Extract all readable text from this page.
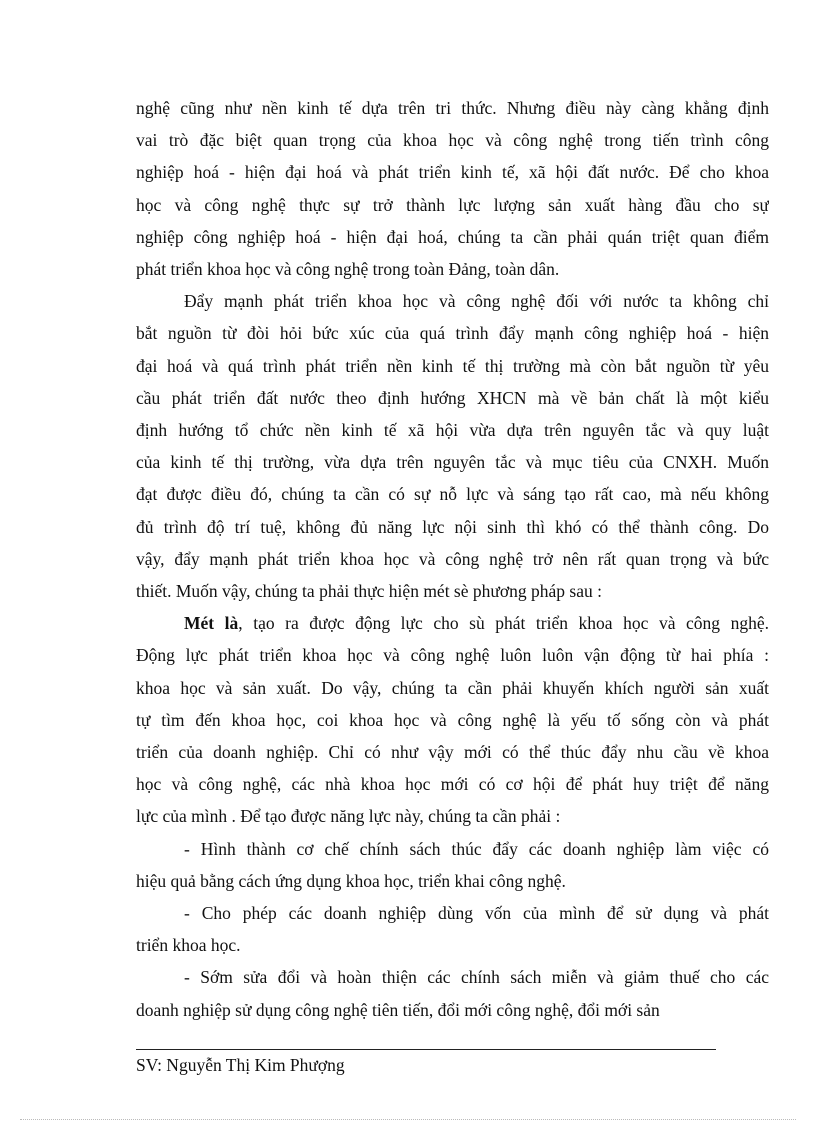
nghệ cũng như nền kinh tế dựa trên tri thức. Nhưng điều này càng khẳng định
vai trò đặc biệt quan trọng của khoa học và công nghệ trong tiến trình công
nghiệp hoá - hiện đại hoá và phát triển kinh tế, xã hội đất nước. Để cho khoa
học và công nghệ thực sự trở thành lực lượng sản xuất hàng đầu cho sự
nghiệp công nghiệp hoá - hiện đại hoá, chúng ta cần phải quán triệt quan điểm
phát triển khoa học và công nghệ trong toàn Đảng, toàn dân.
Đẩy mạnh phát triển khoa học và công nghệ đối với nước ta không chỉ
bắt nguồn từ đòi hỏi bức xúc của quá trình đẩy mạnh công nghiệp hoá - hiện
đại hoá và quá trình phát triển nền kinh tế thị trường mà còn bắt nguồn từ yêu
cầu phát triển đất nước theo định hướng XHCN mà về bản chất là một kiểu
định hướng tổ chức nền kinh tế xã hội vừa dựa trên nguyên tắc và quy luật
của kinh tế thị trường, vừa dựa trên nguyên tắc và mục tiêu của CNXH. Muốn
đạt được điều đó, chúng ta cần có sự nỗ lực và sáng tạo rất cao, mà nếu không
đủ trình độ trí tuệ, không đủ năng lực nội sinh thì khó có thể thành công. Do
vậy, đẩy mạnh phát triển khoa học và công nghệ trở nên rất quan trọng và bức
thiết. Muốn vậy, chúng ta phải thực hiện mét sè phương pháp sau :
Mét là, tạo ra được động lực cho sù phát triển khoa học và công nghệ.
Động lực phát triển khoa học và công nghệ luôn luôn vận động từ hai phía :
khoa học và sản xuất. Do vậy, chúng ta cần phải khuyến khích người sản xuất
tự tìm đến khoa học, coi khoa học và công nghệ là yếu tố sống còn và phát
triển của doanh nghiệp. Chỉ có như vậy mới có thể thúc đẩy nhu cầu về khoa
học và công nghệ, các nhà khoa học mới có cơ hội để phát huy triệt để năng
lực của mình . Để tạo được năng lực này, chúng ta cần phải :
- Hình thành cơ chế chính sách thúc đẩy các doanh nghiệp làm việc có
hiệu quả bằng cách ứng dụng khoa học, triển khai công nghệ.
- Cho phép các doanh nghiệp dùng vốn của mình để sử dụng và phát
triển khoa học.
- Sớm sửa đổi và hoàn thiện các chính sách miễn và giảm thuế cho các
doanh nghiệp sử dụng công nghệ tiên tiến, đổi mới công nghệ, đổi mới sản
SV: Nguyễn Thị Kim Phượng
